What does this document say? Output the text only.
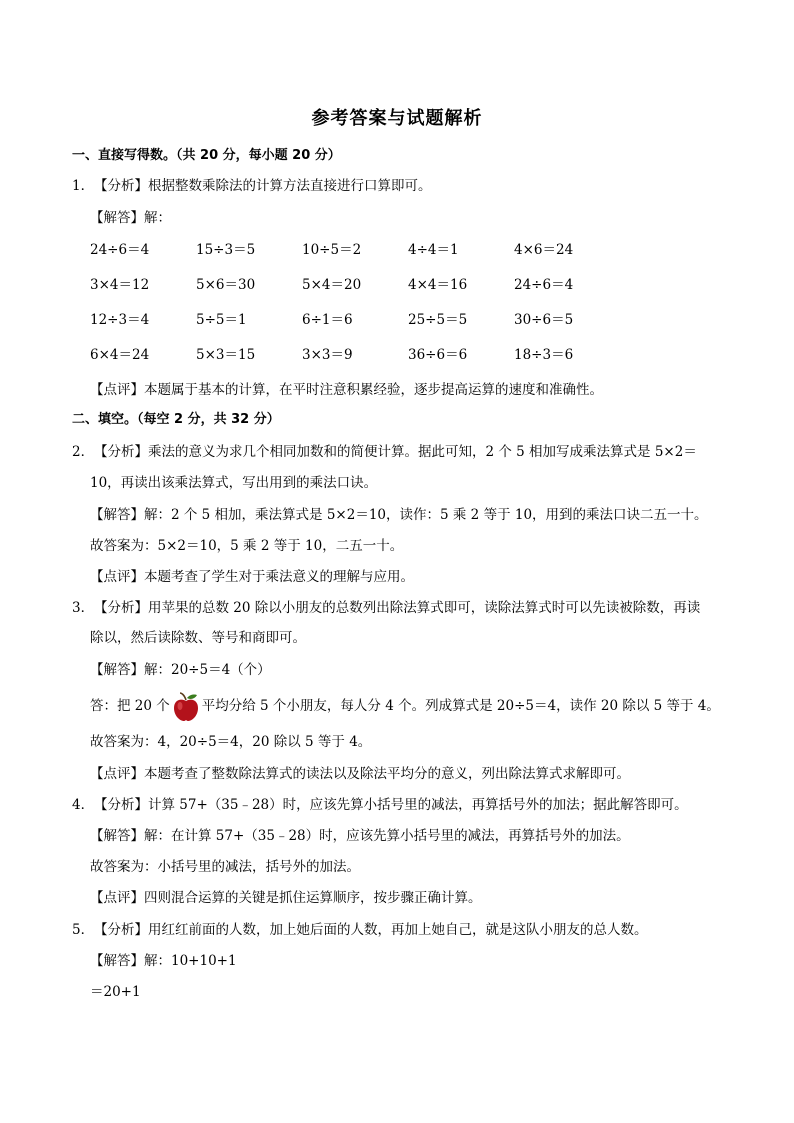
参考答案与试题解析
一、直接写得数。（共 20 分，每小题 20 分）
1．【分析】根据整数乘除法的计算方法直接进行口算即可。
【解答】解：
24÷6＝4	15÷3＝5	10÷5＝2	4÷4＝1	4×6＝24
3×4＝12	5×6＝30	5×4＝20	4×4＝16	24÷6＝4
12÷3＝4	5÷5＝1	6÷1＝6	25÷5＝5	30÷6＝5
6×4＝24	5×3＝15	3×3＝9	36÷6＝6	18÷3＝6
【点评】本题属于基本的计算，在平时注意积累经验，逐步提高运算的速度和准确性。
二、填空。（每空 2 分，共 32 分）
2．【分析】乘法的意义为求几个相同加数和的简便计算。据此可知，2 个 5 相加写成乘法算式是 5×2＝
10，再读出该乘法算式，写出用到的乘法口诀。
【解答】解：2 个 5 相加，乘法算式是 5×2＝10，读作：5 乘 2 等于 10，用到的乘法口诀二五一十。
故答案为：5×2＝10，5 乘 2 等于 10，二五一十。
【点评】本题考查了学生对于乘法意义的理解与应用。
3．【分析】用苹果的总数 20 除以小朋友的总数列出除法算式即可，读除法算式时可以先读被除数，再读
除以，然后读除数、等号和商即可。
【解答】解：20÷5＝4（个）
答：把 20 个 平均分给 5 个小朋友，每人分 4 个。列成算式是 20÷5＝4，读作 20 除以 5 等于 4。
故答案为：4，20÷5＝4，20 除以 5 等于 4。
【点评】本题考查了整数除法算式的读法以及除法平均分的意义，列出除法算式求解即可。
4．【分析】计算 57+（35﹣28）时，应该先算小括号里的减法，再算括号外的加法；据此解答即可。
【解答】解：在计算 57+（35﹣28）时，应该先算小括号里的减法，再算括号外的加法。
故答案为：小括号里的减法，括号外的加法。
【点评】四则混合运算的关键是抓住运算顺序，按步骤正确计算。
5．【分析】用红红前面的人数，加上她后面的人数，再加上她自己，就是这队小朋友的总人数。
【解答】解：10+10+1
＝20+1
